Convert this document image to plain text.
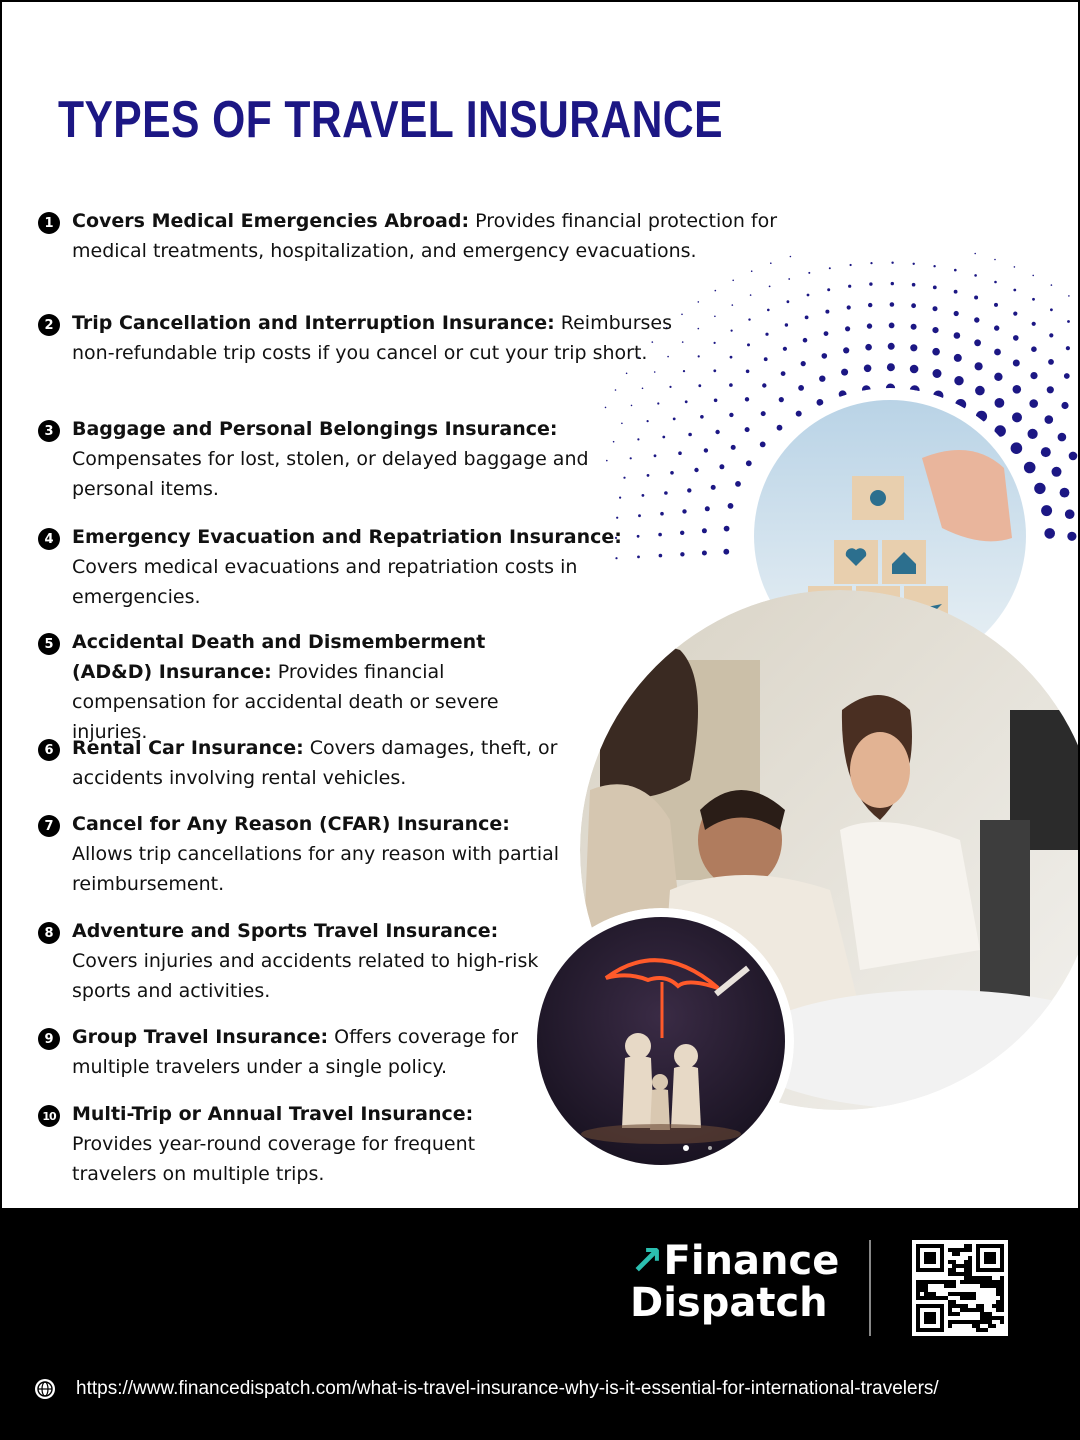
TYPES OF TRAVEL INSURANCE
1 Covers Medical Emergencies Abroad: Provides financial protection for medical treatments, hospitalization, and emergency evacuations.
2 Trip Cancellation and Interruption Insurance: Reimburses non-refundable trip costs if you cancel or cut your trip short.
3 Baggage and Personal Belongings Insurance: Compensates for lost, stolen, or delayed baggage and personal items.
4 Emergency Evacuation and Repatriation Insurance: Covers medical evacuations and repatriation costs in emergencies.
5 Accidental Death and Dismemberment (AD&D) Insurance: Provides financial compensation for accidental death or severe injuries.
6 Rental Car Insurance: Covers damages, theft, or accidents involving rental vehicles.
7 Cancel for Any Reason (CFAR) Insurance: Allows trip cancellations for any reason with partial reimbursement.
8 Adventure and Sports Travel Insurance: Covers injuries and accidents related to high-risk sports and activities.
9 Group Travel Insurance: Offers coverage for multiple travelers under a single policy.
10 Multi-Trip or Annual Travel Insurance: Provides year-round coverage for frequent travelers on multiple trips.
↗Finance
Dispatch
https://www.financedispatch.com/what-is-travel-insurance-why-is-it-essential-for-international-travelers/
